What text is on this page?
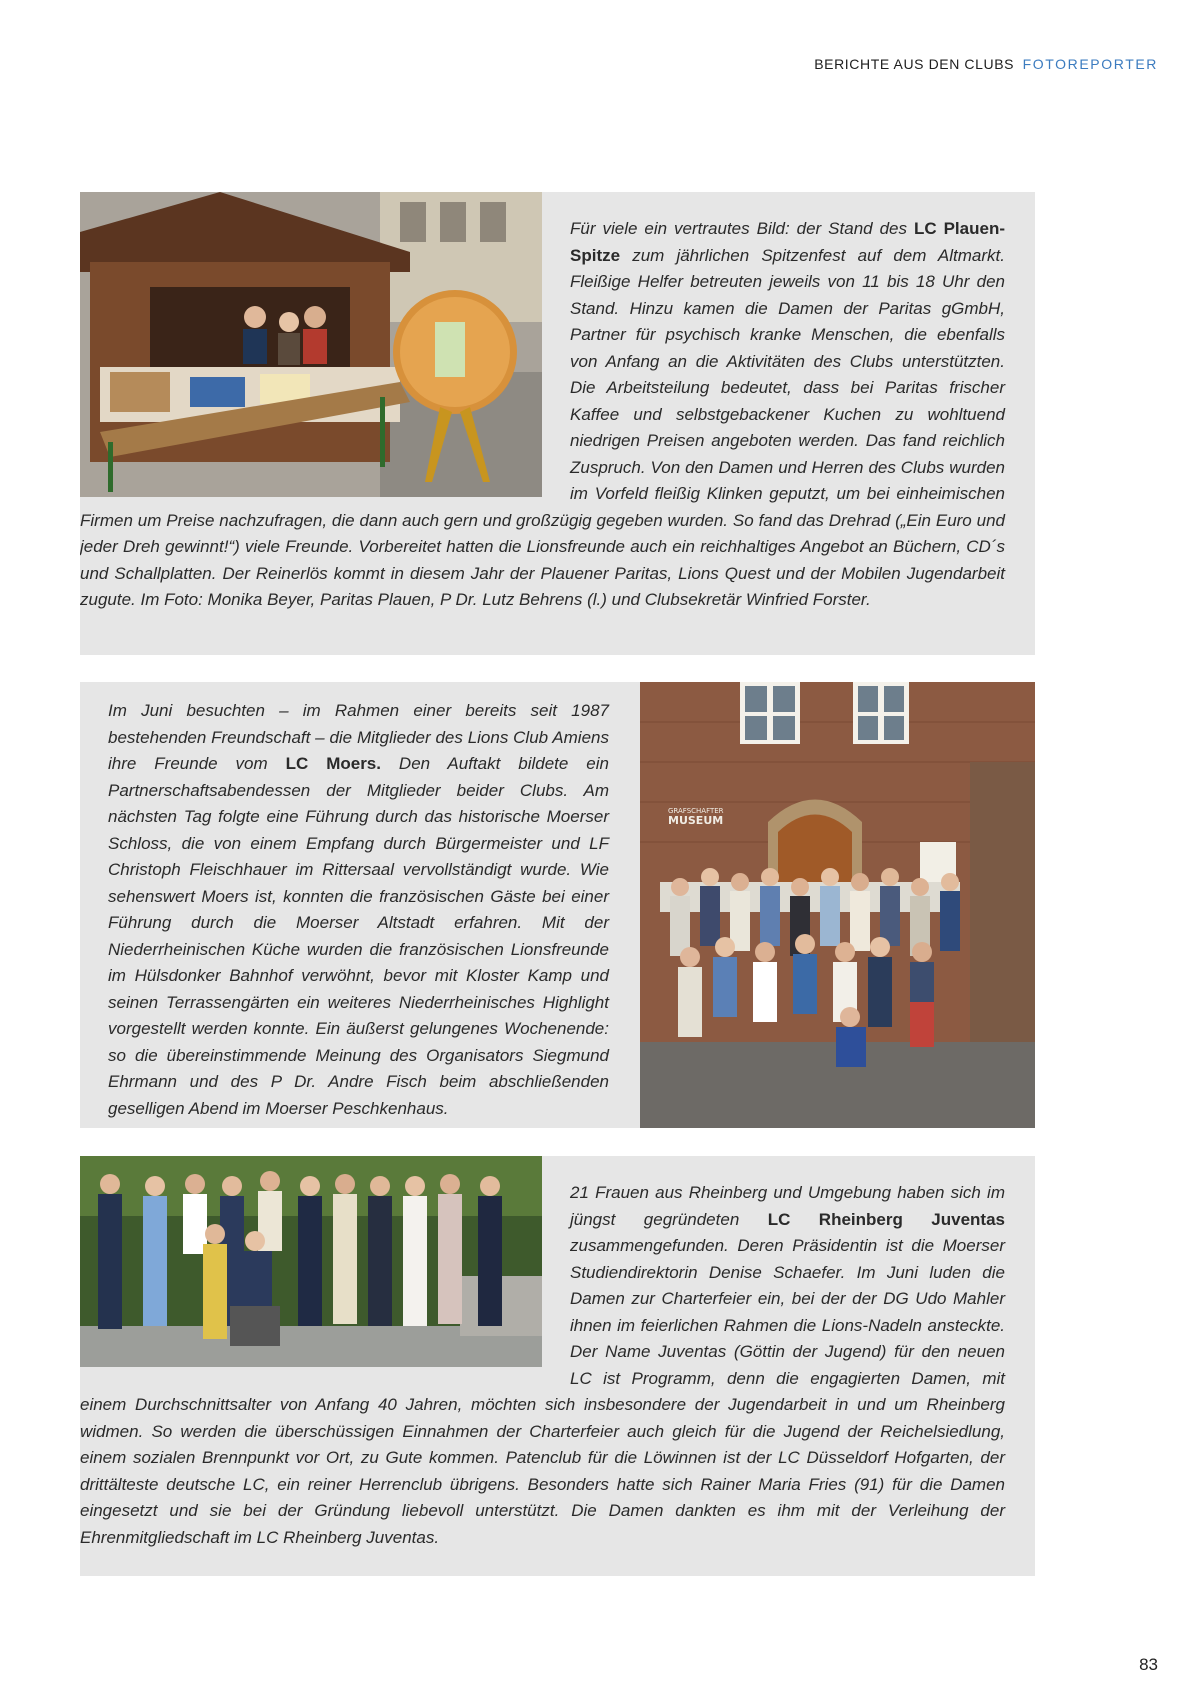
BERICHTE AUS DEN CLUBS FOTOREPORTER

Für viele ein vertrautes Bild: der Stand des LC Plauen-Spitze zum jährlichen Spitzenfest auf dem Altmarkt. Fleißige Helfer betreuten jeweils von 11 bis 18 Uhr den Stand. Hinzu kamen die Damen der Paritas gGmbH, Partner für psychisch kranke Menschen, die ebenfalls von Anfang an die Aktivitäten des Clubs unterstützten. Die Arbeitsteilung bedeutet, dass bei Paritas frischer Kaffee und selbstgebackener Kuchen zu wohltuend niedrigen Preisen angeboten werden. Das fand reichlich Zuspruch. Von den Damen und Herren des Clubs wurden im Vorfeld fleißig Klinken geputzt, um bei einheimischen Firmen um Preise nachzufragen, die dann auch gern und großzügig gegeben wurden. So fand das Drehrad („Ein Euro und jeder Dreh gewinnt!“) viele Freunde. Vorbereitet hatten die Lionsfreunde auch ein reichhaltiges Angebot an Büchern, CD´s und Schallplatten. Der Reinerlös kommt in diesem Jahr der Plauener Paritas, Lions Quest und der Mobilen Jugendarbeit zugute. Im Foto: Monika Beyer, Paritas Plauen, P Dr. Lutz Behrens (l.) und Clubsekretär Winfried Forster.

Im Juni besuchten – im Rahmen einer bereits seit 1987 bestehenden Freundschaft – die Mitglieder des Lions Club Amiens ihre Freunde vom LC Moers. Den Auftakt bildete ein Partnerschaftsabendessen der Mitglieder beider Clubs. Am nächsten Tag folgte eine Führung durch das historische Moerser Schloss, die von einem Empfang durch Bürgermeister und LF Christoph Fleischhauer im Rittersaal vervollständigt wurde. Wie sehenswert Moers ist, konnten die französischen Gäste bei einer Führung durch die Moerser Altstadt erfahren. Mit der Niederrheinischen Küche wurden die französischen Lionsfreunde im Hülsdonker Bahnhof verwöhnt, bevor mit Kloster Kamp und seinen Terrassengärten ein weiteres Niederrheinisches Highlight vorgestellt werden konnte. Ein äußerst gelungenes Wochenende: so die übereinstimmende Meinung des Organisators Siegmund Ehrmann und des P Dr. Andre Fisch beim abschließenden geselligen Abend im Moerser Peschkenhaus.

GRAFSCHAFTER
MUSEUM

21 Frauen aus Rheinberg und Umgebung haben sich im jüngst gegründeten LC Rheinberg Juventas zusammengefunden. Deren Präsidentin ist die Moerser Studiendirektorin Denise Schaefer. Im Juni luden die Damen zur Charterfeier ein, bei der der DG Udo Mahler ihnen im feierlichen Rahmen die Lions-Nadeln ansteckte. Der Name Juventas (Göttin der Jugend) für den neuen LC ist Programm, denn die engagierten Damen, mit einem Durchschnittsalter von Anfang 40 Jahren, möchten sich insbesondere der Jugendarbeit in und um Rheinberg widmen. So werden die überschüssigen Einnahmen der Charterfeier auch gleich für die Jugend der Reichelsiedlung, einem sozialen Brennpunkt vor Ort, zu Gute kommen. Patenclub für die Löwinnen ist der LC Düsseldorf Hofgarten, der drittälteste deutsche LC, ein reiner Herrenclub übrigens. Besonders hatte sich Rainer Maria Fries (91) für die Damen eingesetzt und sie bei der Gründung liebevoll unterstützt. Die Damen dankten es ihm mit der Verleihung der Ehrenmitgliedschaft im LC Rheinberg Juventas.

83
